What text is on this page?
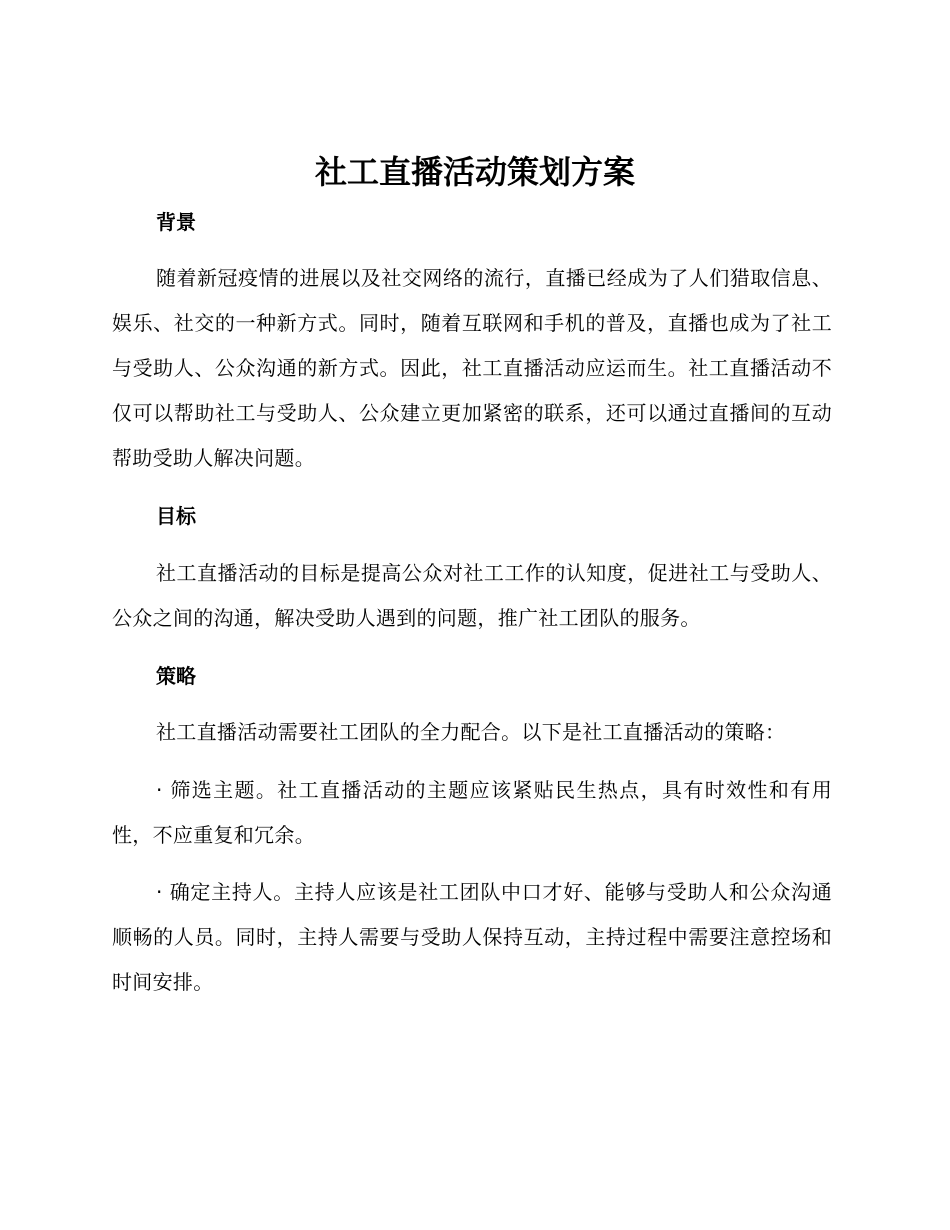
社工直播活动策划方案
背景

随着新冠疫情的进展以及社交网络的流行，直播已经成为了人们猎取信息、娱乐、社交的一种新方式。同时，随着互联网和手机的普及，直播也成为了社工与受助人、公众沟通的新方式。因此，社工直播活动应运而生。社工直播活动不仅可以帮助社工与受助人、公众建立更加紧密的联系，还可以通过直播间的互动帮助受助人解决问题。

目标

社工直播活动的目标是提高公众对社工工作的认知度，促进社工与受助人、公众之间的沟通，解决受助人遇到的问题，推广社工团队的服务。

策略

社工直播活动需要社工团队的全力配合。以下是社工直播活动的策略：

· 筛选主题。社工直播活动的主题应该紧贴民生热点，具有时效性和有用性，不应重复和冗余。

· 确定主持人。主持人应该是社工团队中口才好、能够与受助人和公众沟通顺畅的人员。同时，主持人需要与受助人保持互动，主持过程中需要注意控场和时间安排。
